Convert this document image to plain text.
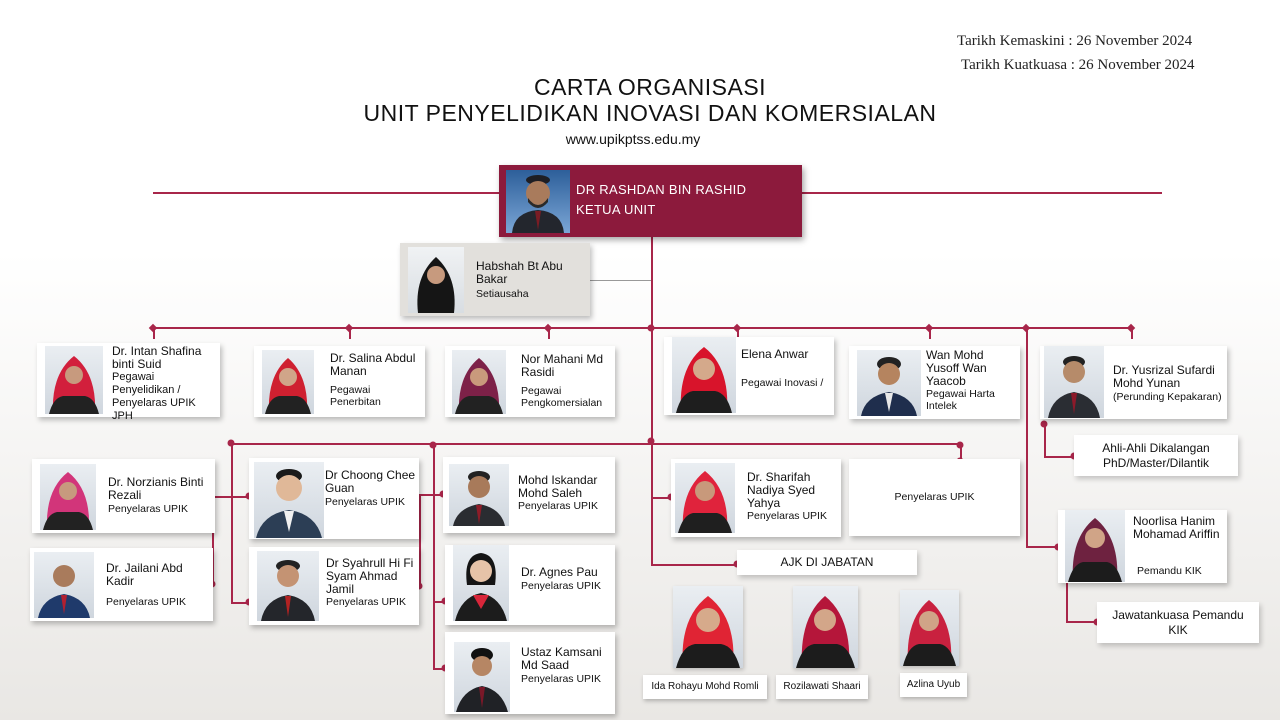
Tarikh Kemaskini : 26 November 2024
Tarikh Kuatkuasa : 26 November 2024
CARTA ORGANISASI
UNIT PENYELIDIKAN INOVASI DAN KOMERSIALAN
www.upikptss.edu.my
DR RASHDAN BIN RASHID
KETUA UNIT
Habshah Bt Abu Bakar
Setiausaha
Dr. Intan Shafina binti Suid
Pegawai Penyelidikan / Penyelaras UPIK JPH
Dr. Salina Abdul Manan
Pegawai Penerbitan
Nor Mahani Md Rasidi
Pegawai Pengkomersialan
Elena Anwar
Pegawai Inovasi /
Wan Mohd Yusoff Wan Yaacob
Pegawai Harta Intelek
Dr. Yusrizal Sufardi Mohd Yunan
(Perunding Kepakaran)
Dr. Norzianis Binti Rezali
Penyelaras UPIK
Dr. Jailani Abd Kadir
Penyelaras UPIK
Dr Choong Chee Guan
Penyelaras UPIK
Dr Syahrull Hi Fi Syam Ahmad Jamil
Penyelaras UPIK
Mohd Iskandar Mohd Saleh
Penyelaras UPIK
Dr. Agnes Pau
Penyelaras UPIK
Ustaz Kamsani Md Saad
Penyelaras UPIK
Dr. Sharifah Nadiya Syed Yahya
Penyelaras UPIK
Penyelaras UPIK
AJK DI JABATAN
Ida Rohayu Mohd Romli	Rozilawati Shaari	Azlina Uyub
Ahli-Ahli Dikalangan PhD/Master/Dilantik
Noorlisa Hanim Mohamad Ariffin
Pemandu KIK
Jawatankuasa Pemandu KIK
